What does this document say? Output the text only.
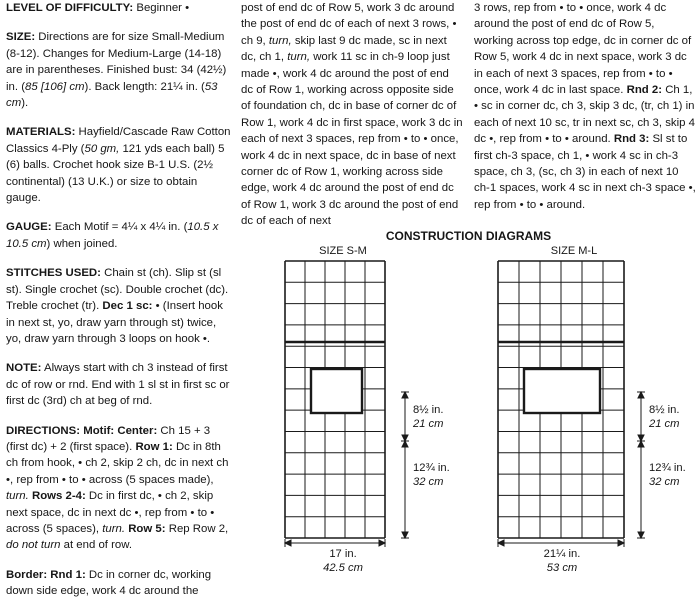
LEVEL OF DIFFICULTY: Beginner •

SIZE: Directions are for size Small-Medium (8-12). Changes for Medium-Large (14-18) are in parentheses. Finished bust: 34 (42½) in. (85 [106] cm). Back length: 21¼ in. (53 cm).

MATERIALS: Hayfield/Cascade Raw Cotton Classics 4-Ply (50 gm, 121 yds each ball) 5 (6) balls. Crochet hook size B-1 U.S. (2½ continental) (13 U.K.) or size to obtain gauge.

GAUGE: Each Motif = 4¼ x 4¼ in. (10.5 x 10.5 cm) when joined.

STITCHES USED: Chain st (ch). Slip st (sl st). Single crochet (sc). Double crochet (dc). Treble crochet (tr). Dec 1 sc: • (Insert hook in next st, yo, draw yarn through st) twice, yo, draw yarn through 3 loops on hook •.

NOTE: Always start with ch 3 instead of first dc of row or rnd. End with 1 sl st in first sc or first dc (3rd) ch at beg of rnd.

DIRECTIONS: Motif: Center: Ch 15 + 3 (first dc) + 2 (first space). Row 1: Dc in 8th ch from hook, • ch 2, skip 2 ch, dc in next ch •, rep from • to • across (5 spaces made), turn. Rows 2-4: Dc in first dc, • ch 2, skip next space, dc in next dc •, rep from • to • across (5 spaces), turn. Row 5: Rep Row 2, do not turn at end of row.

Border: Rnd 1: Dc in corner dc, working down side edge, work 4 dc around the

post of end dc of Row 5, work 3 dc around the post of end dc of each of next 3 rows, • ch 9, turn, skip last 9 dc made, sc in next dc, ch 1, turn, work 11 sc in ch-9 loop just made •, work 4 dc around the post of end dc of Row 1, working across opposite side of foundation ch, dc in base of corner dc of Row 1, work 4 dc in first space, work 3 dc in each of next 3 spaces, rep from • to • once, work 4 dc in next space, dc in base of next corner dc of Row 1, working across side edge, work 4 dc around the post of end dc of Row 1, work 3 dc around the post of end dc of each of next

3 rows, rep from • to • once, work 4 dc around the post of end dc of Row 5, working across top edge, dc in corner dc of Row 5, work 4 dc in next space, work 3 dc in each of next 3 spaces, rep from • to • once, work 4 dc in last space. Rnd 2: Ch 1, • sc in corner dc, ch 3, skip 3 dc, (tr, ch 1) in each of next 10 sc, tr in next sc, ch 3, skip 4 dc •, rep from • to • around. Rnd 3: Sl st to first ch-3 space, ch 1, • work 4 sc in ch-3 space, ch 3, (sc, ch 3) in each of next 10 ch-1 spaces, work 4 sc in next ch-3 space •, rep from • to • around.

CONSTRUCTION DIAGRAMS
SIZE S-M	SIZE M-L
17 in.
42.5 cm
8½ in.
21 cm
12¾ in.
32 cm
21¼ in.
53 cm
8½ in.
21 cm
12¾ in.
32 cm
